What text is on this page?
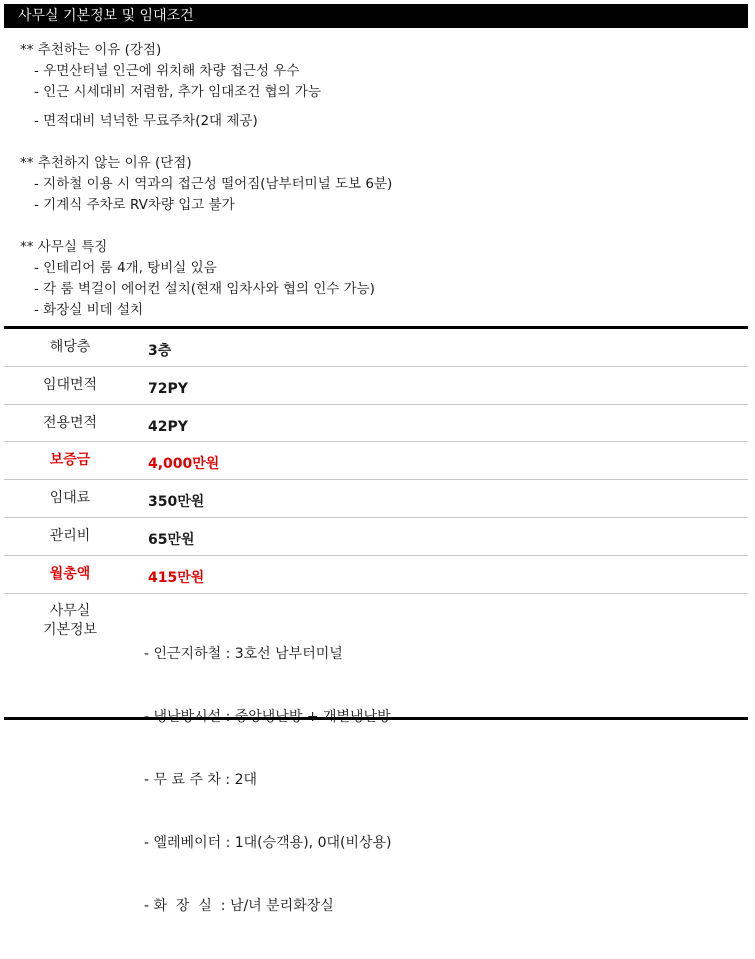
사무실 기본정보 및 임대조건
** 추천하는 이유 (강점)
- 우면산터널 인근에 위치해 차량 접근성 우수
- 인근 시세대비 저렴함, 추가 임대조건 협의 가능
- 면적대비 넉넉한 무료주차(2대 제공)
** 추천하지 않는 이유 (단점)
- 지하철 이용 시 역과의 접근성 떨어짐(남부터미널 도보 6분)
- 기계식 주차로 RV차량 입고 불가
** 사무실 특징
- 인테리어 룸 4개, 탕비실 있음
- 각 룸 벽걸이 에어컨 설치(현재 임차사와 협의 인수 가능)
- 화장실 비데 설치
해당층	3층
임대면적	72PY
전용면적	42PY
보증금	4,000만원
임대료	350만원
관리비	65만원
월총액	415만원
사무실
기본정보

- 인근지하철 : 3호선 남부터미널

- 무 료 주 차 : 2대

- 엘레베이터 : 1대(승객용), 0대(비상용)

- 화  장  실  : 남/녀 분리화장실
